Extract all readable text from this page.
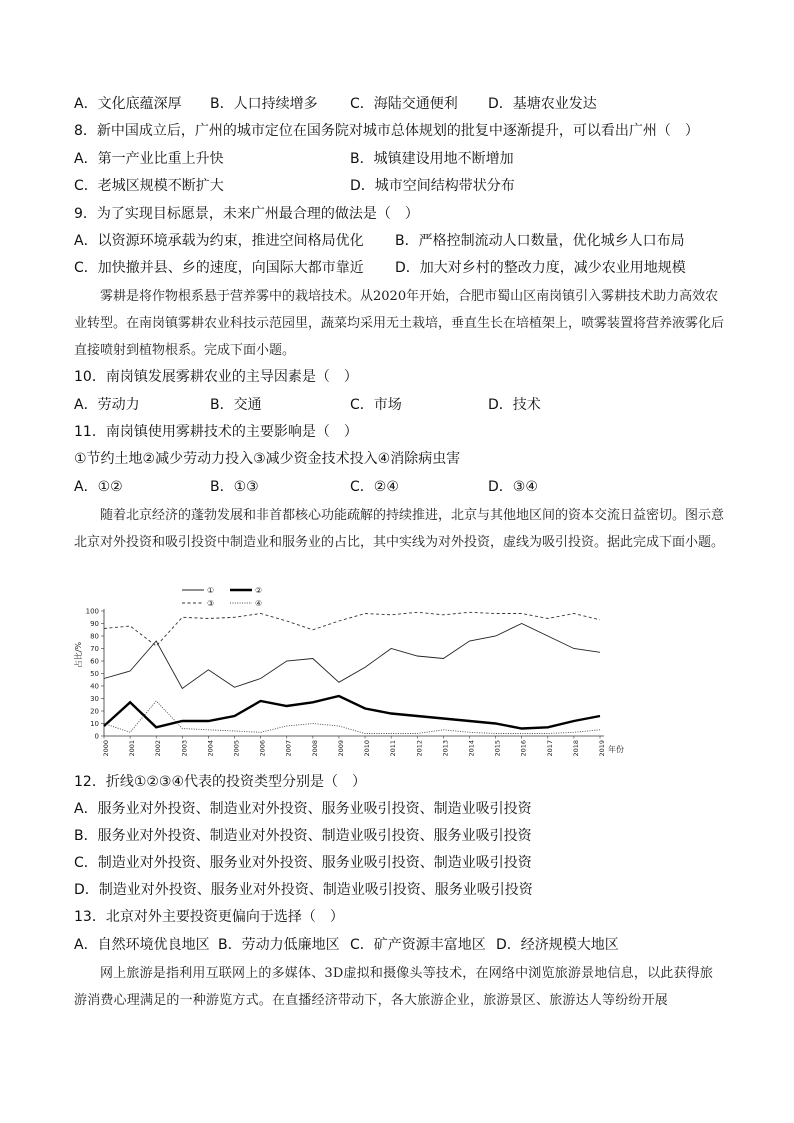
A．文化底蕴深厚 B．人口持续增多 C．海陆交通便利 D．基塘农业发达
8．新中国成立后，广州的城市定位在国务院对城市总体规划的批复中逐渐提升，可以看出广州（　）
A．第一产业比重上升快	B．城镇建设用地不断增加
C．老城区规模不断扩大	D．城市空间结构带状分布
9．为了实现目标愿景，未来广州最合理的做法是（　）
A．以资源环境承载为约束，推进空间格局优化 B．严格控制流动人口数量，优化城乡人口布局
C．加快撤并县、乡的速度，向国际大都市靠近 D．加大对乡村的整改力度，减少农业用地规模
雾耕是将作物根系悬于营养雾中的栽培技术。从2020年开始，合肥市蜀山区南岗镇引入雾耕技术助力高效农业转型。在南岗镇雾耕农业科技示范园里，蔬菜均采用无土栽培，垂直生长在培植架上，喷雾装置将营养液雾化后直接喷射到植物根系。完成下面小题。
10．南岗镇发展雾耕农业的主导因素是（　）
A．劳动力	B．交通	C．市场	D．技术
11．南岗镇使用雾耕技术的主要影响是（　）
①节约土地②减少劳动力投入③减少资金技术投入④消除病虫害
A．①②	B．①③	C．②④	D．③④
随着北京经济的蓬勃发展和非首都核心功能疏解的持续推进，北京与其他地区间的资本交流日益密切。图示意北京对外投资和吸引投资中制造业和服务业的占比，其中实线为对外投资，虚线为吸引投资。据此完成下面小题。
①	②
③	④
0
10
20
30
40
50
60
70
80
90
100
2000	2001	2002	2003	2004	2005	2006	2007	2008	2009	2010	2011	2012	2013	2014	2015	2016	2017	2018	2019
占比/%
年份
12．折线①②③④代表的投资类型分别是（　）
A．服务业对外投资、制造业对外投资、服务业吸引投资、制造业吸引投资
B．服务业对外投资、制造业对外投资、制造业吸引投资、服务业吸引投资
C．制造业对外投资、服务业对外投资、服务业吸引投资、制造业吸引投资
D．制造业对外投资、服务业对外投资、制造业吸引投资、服务业吸引投资
13．北京对外主要投资更偏向于选择（　）
A．自然环境优良地区 B．劳动力低廉地区 C．矿产资源丰富地区 D．经济规模大地区
网上旅游是指利用互联网上的多媒体、3D虚拟和摄像头等技术，在网络中浏览旅游景地信息，以此获得旅游消费心理满足的一种游览方式。在直播经济带动下，各大旅游企业，旅游景区、旅游达人等纷纷开展
